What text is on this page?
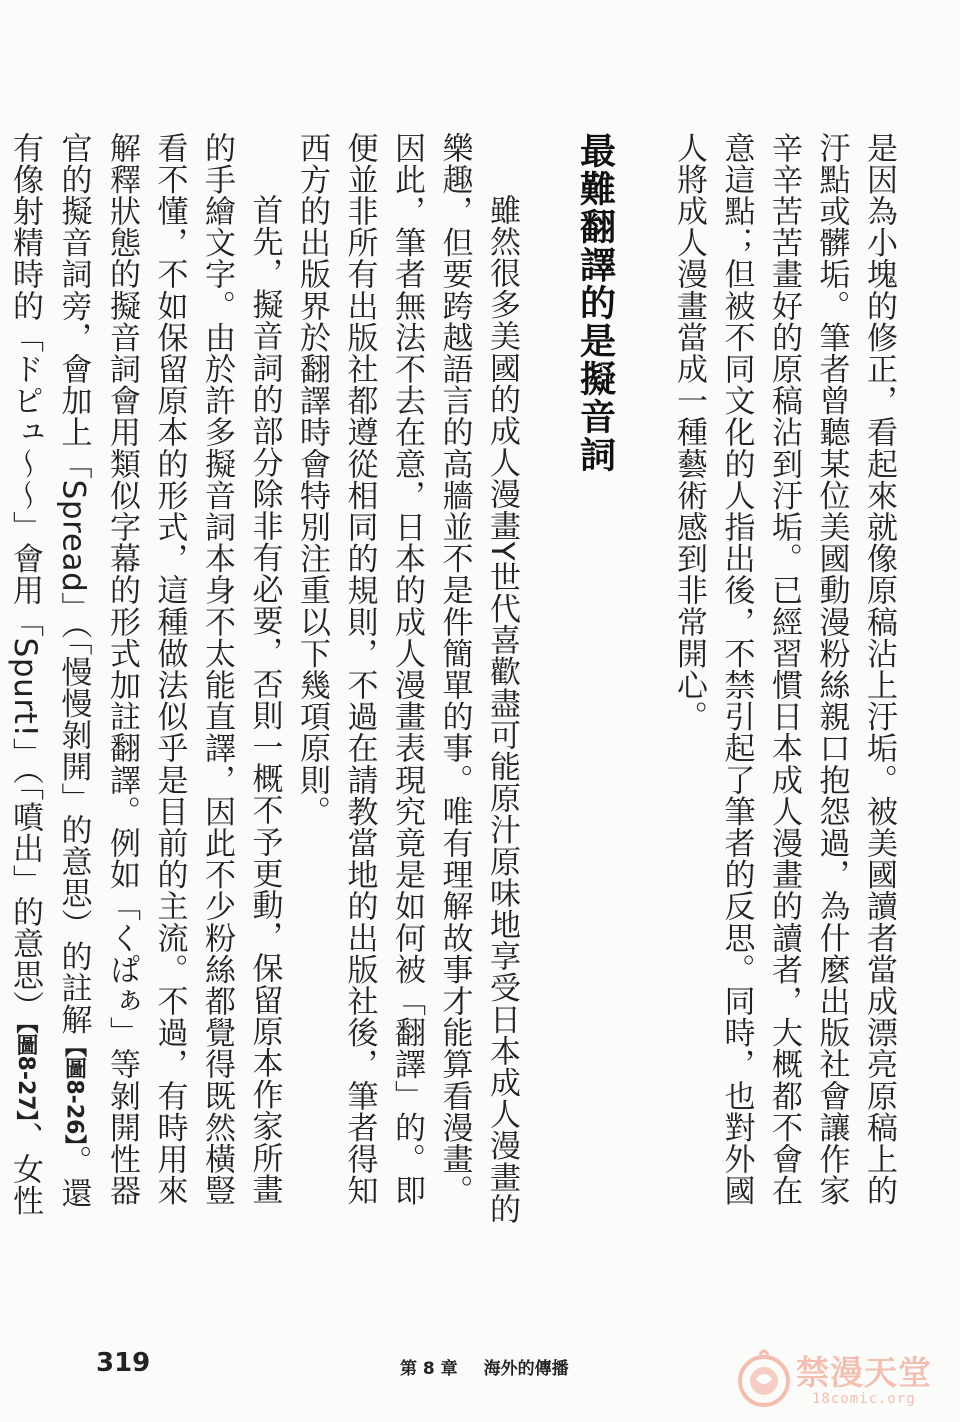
是因為小塊的修正，看起來就像原稿沾上汙垢。被美國讀者當成漂亮原稿上的汙點或髒垢。筆者曾聽某位美國動漫粉絲親口抱怨過，為什麼出版社會讓作家辛辛苦苦畫好的原稿沾到汙垢。已經習慣日本成人漫畫的讀者，大概都不會在意這點；但被不同文化的人指出後，不禁引起了筆者的反思。同時，也對外國人將成人漫畫當成一種藝術感到非常開心。

最難翻譯的是擬音詞

雖然很多美國的成人漫畫Y世代喜歡盡可能原汁原味地享受日本成人漫畫的樂趣，但要跨越語言的高牆並不是件簡單的事。唯有理解故事才能算看漫畫。因此，筆者無法不去在意，日本的成人漫畫表現究竟是如何被「翻譯」的。即便並非所有出版社都遵從相同的規則，不過在請教當地的出版社後，筆者得知西方的出版界於翻譯時會特別注重以下幾項原則。

首先，擬音詞的部分除非有必要，否則一概不予更動，保留原本作家所畫的手繪文字。由於許多擬音詞本身不太能直譯，因此不少粉絲都覺得既然橫豎看不懂，不如保留原本的形式，這種做法似乎是目前的主流。不過，有時用來解釋狀態的擬音詞會用類似字幕的形式加註翻譯。例如「くぱぁ」等剝開性器官的擬音詞旁，會加上「Spread」（「慢慢剝開」的意思）的註解【圖8-26】。還有像射精時的「ドピュ〜〜」會用「Spurt!」（「噴出」的意思）【圖8-27】、女性

319	第 8 章 海外的傳播	禁漫天堂
18comic.org
